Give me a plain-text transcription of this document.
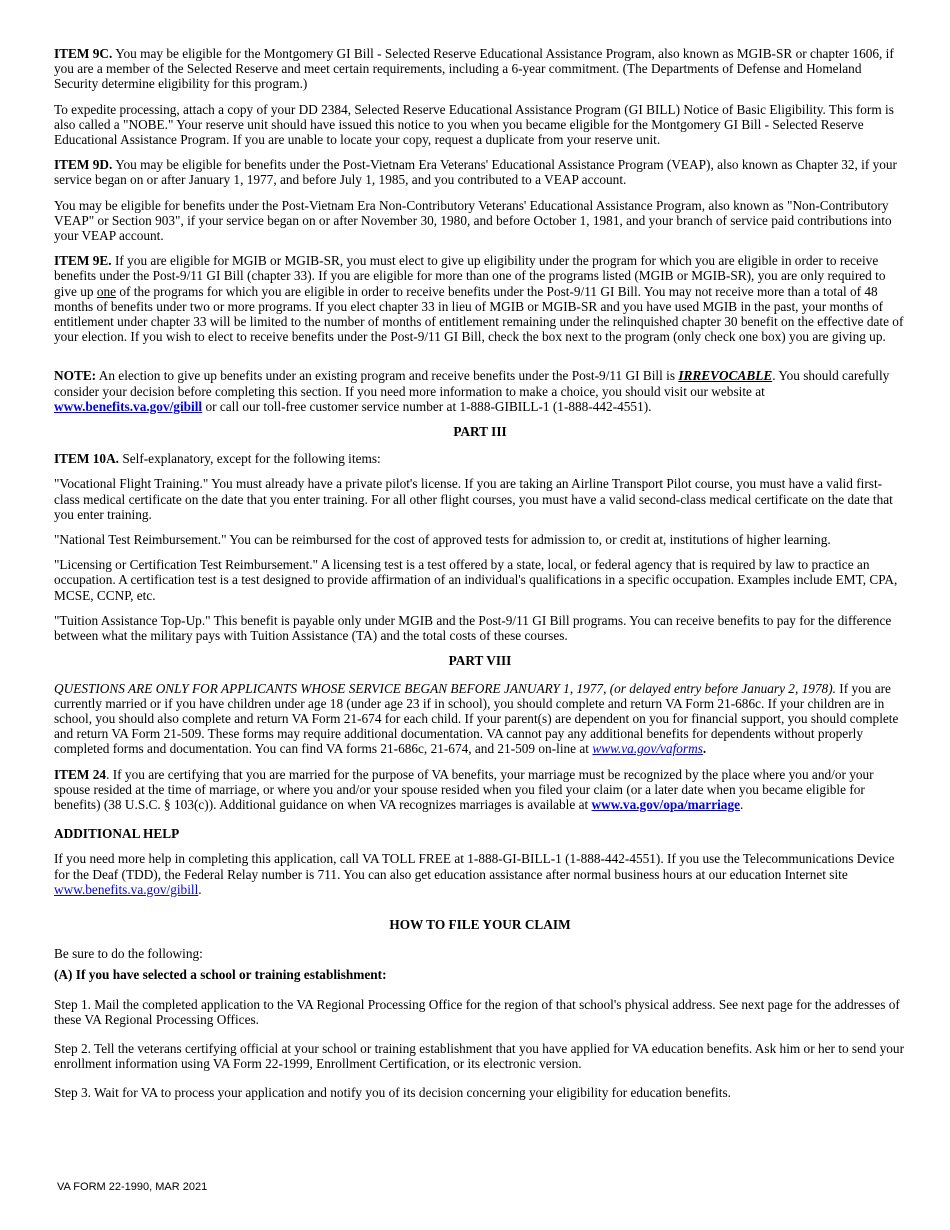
ITEM 9C. You may be eligible for the Montgomery GI Bill - Selected Reserve Educational Assistance Program, also known as MGIB-SR or chapter 1606, if you are a member of the Selected Reserve and meet certain requirements, including a 6-year commitment. (The Departments of Defense and Homeland Security determine eligibility for this program.)

To expedite processing, attach a copy of your DD 2384, Selected Reserve Educational Assistance Program (GI BILL) Notice of Basic Eligibility. This form is also called a "NOBE." Your reserve unit should have issued this notice to you when you became eligible for the Montgomery GI Bill - Selected Reserve Educational Assistance Program. If you are unable to locate your copy, request a duplicate from your reserve unit.

ITEM 9D. You may be eligible for benefits under the Post-Vietnam Era Veterans' Educational Assistance Program (VEAP), also known as Chapter 32, if your service began on or after January 1, 1977, and before July 1, 1985, and you contributed to a VEAP account.

You may be eligible for benefits under the Post-Vietnam Era Non-Contributory Veterans' Educational Assistance Program, also known as "Non-Contributory VEAP" or Section 903", if your service began on or after November 30, 1980, and before October 1, 1981, and your branch of service paid contributions into your VEAP account.

ITEM 9E. If you are eligible for MGIB or MGIB-SR, you must elect to give up eligibility under the program for which you are eligible in order to receive benefits under the Post-9/11 GI Bill (chapter 33). If you are eligible for more than one of the programs listed (MGIB or MGIB-SR), you are only required to give up one of the programs for which you are eligible in order to receive benefits under the Post-9/11 GI Bill. You may not receive more than a total of 48 months of benefits under two or more programs. If you elect chapter 33 in lieu of MGIB or MGIB-SR and you have used MGIB in the past, your months of entitlement under chapter 33 will be limited to the number of months of entitlement remaining under the relinquished chapter 30 benefit on the effective date of your election. If you wish to elect to receive benefits under the Post-9/11 GI Bill, check the box next to the program (only check one box) you are giving up.

NOTE: An election to give up benefits under an existing program and receive benefits under the Post-9/11 GI Bill is IRREVOCABLE. You should carefully consider your decision before completing this section. If you need more information to make a choice, you should visit our website at www.benefits.va.gov/gibill or call our toll-free customer service number at 1-888-GIBILL-1 (1-888-442-4551).

PART III

ITEM 10A. Self-explanatory, except for the following items:

"Vocational Flight Training." You must already have a private pilot's license. If you are taking an Airline Transport Pilot course, you must have a valid first-class medical certificate on the date that you enter training. For all other flight courses, you must have a valid second-class medical certificate on the date that you enter training.

"National Test Reimbursement." You can be reimbursed for the cost of approved tests for admission to, or credit at, institutions of higher learning.

"Licensing or Certification Test Reimbursement." A licensing test is a test offered by a state, local, or federal agency that is required by law to practice an occupation. A certification test is a test designed to provide affirmation of an individual's qualifications in a specific occupation. Examples include EMT, CPA, MCSE, CCNP, etc.

"Tuition Assistance Top-Up." This benefit is payable only under MGIB and the Post-9/11 GI Bill programs. You can receive benefits to pay for the difference between what the military pays with Tuition Assistance (TA) and the total costs of these courses.

PART VIII

QUESTIONS ARE ONLY FOR APPLICANTS WHOSE SERVICE BEGAN BEFORE JANUARY 1, 1977, (or delayed entry before January 2, 1978). If you are currently married or if you have children under age 18 (under age 23 if in school), you should complete and return VA Form 21-686c. If your children are in school, you should also complete and return VA Form 21-674 for each child. If your parent(s) are dependent on you for financial support, you should complete and return VA Form 21-509. These forms may require additional documentation. VA cannot pay any additional benefits for dependents without properly completed forms and documentation. You can find VA forms 21-686c, 21-674, and 21-509 on-line at www.va.gov/vaforms.

ITEM 24. If you are certifying that you are married for the purpose of VA benefits, your marriage must be recognized by the place where you and/or your spouse resided at the time of marriage, or where you and/or your spouse resided when you filed your claim (or a later date when you became eligible for benefits) (38 U.S.C. § 103(c)). Additional guidance on when VA recognizes marriages is available at www.va.gov/opa/marriage.

ADDITIONAL HELP

If you need more help in completing this application, call VA TOLL FREE at 1-888-GI-BILL-1 (1-888-442-4551). If you use the Telecommunications Device for the Deaf (TDD), the Federal Relay number is 711. You can also get education assistance after normal business hours at our education Internet site www.benefits.va.gov/gibill.

HOW TO FILE YOUR CLAIM

Be sure to do the following:

(A) If you have selected a school or training establishment:

Step 1. Mail the completed application to the VA Regional Processing Office for the region of that school's physical address. See next page for the addresses of these VA Regional Processing Offices.

Step 2. Tell the veterans certifying official at your school or training establishment that you have applied for VA education benefits. Ask him or her to send your enrollment information using VA Form 22-1999, Enrollment Certification, or its electronic version.

Step 3. Wait for VA to process your application and notify you of its decision concerning your eligibility for education benefits.

VA FORM 22-1990, MAR 2021
